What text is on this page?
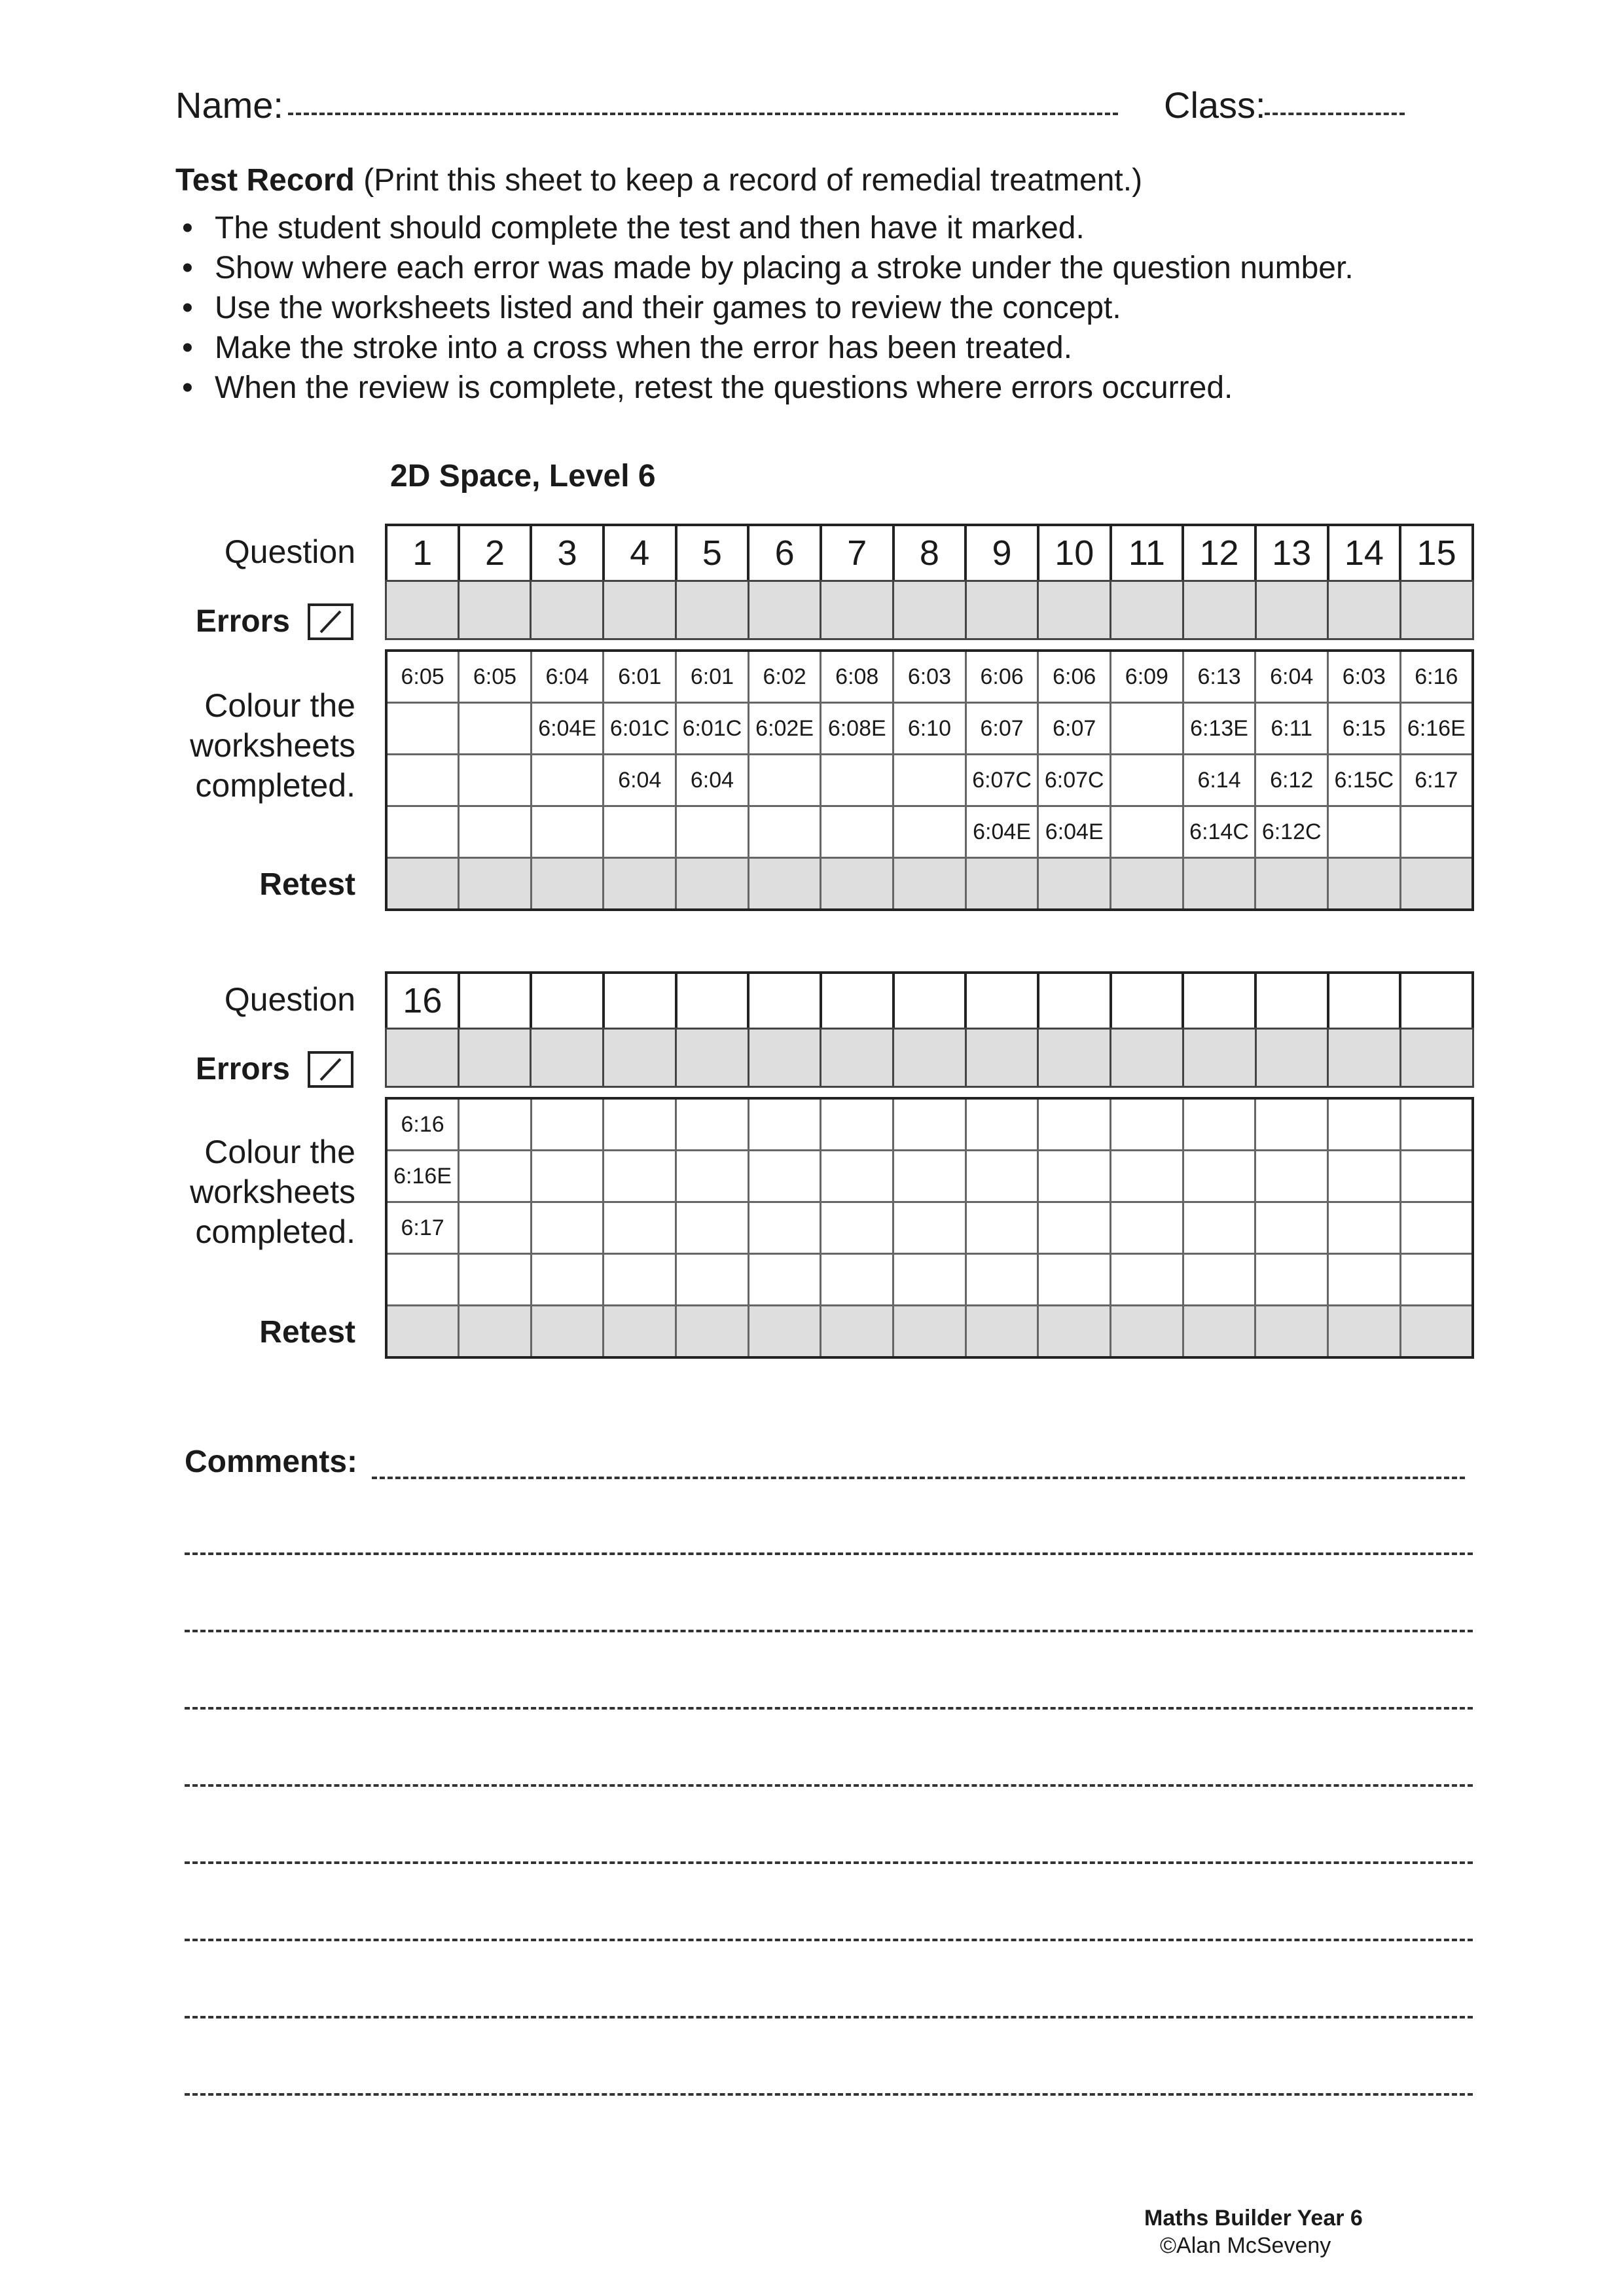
Name:	Class:
Test Record (Print this sheet to keep a record of remedial treatment.)
• The student should complete the test and then have it marked.
• Show where each error was made by placing a stroke under the question number.
• Use the worksheets listed and their games to review the concept.
• Make the stroke into a cross when the error has been treated.
• When the review is complete, retest the questions where errors occurred.
2D Space, Level 6
Question
Errors
Colour the
worksheets
completed.
Retest
1	2	3	4	5	6	7	8	9	10	11	12	13	14	15

6:05	6:05	6:04	6:01	6:01	6:02	6:08	6:03	6:06	6:06	6:09	6:13	6:04	6:03	6:16
		6:04E	6:01C	6:01C	6:02E	6:08E	6:10	6:07	6:07		6:13E	6:11	6:15	6:16E
			6:04	6:04				6:07C	6:07C		6:14	6:12	6:15C	6:17
								6:04E	6:04E		6:14C	6:12C		

Question
Errors
Colour the
worksheets
completed.
Retest
16														

6:16														
6:16E														
6:17														

Comments:
Maths Builder Year 6
©Alan McSeveny
